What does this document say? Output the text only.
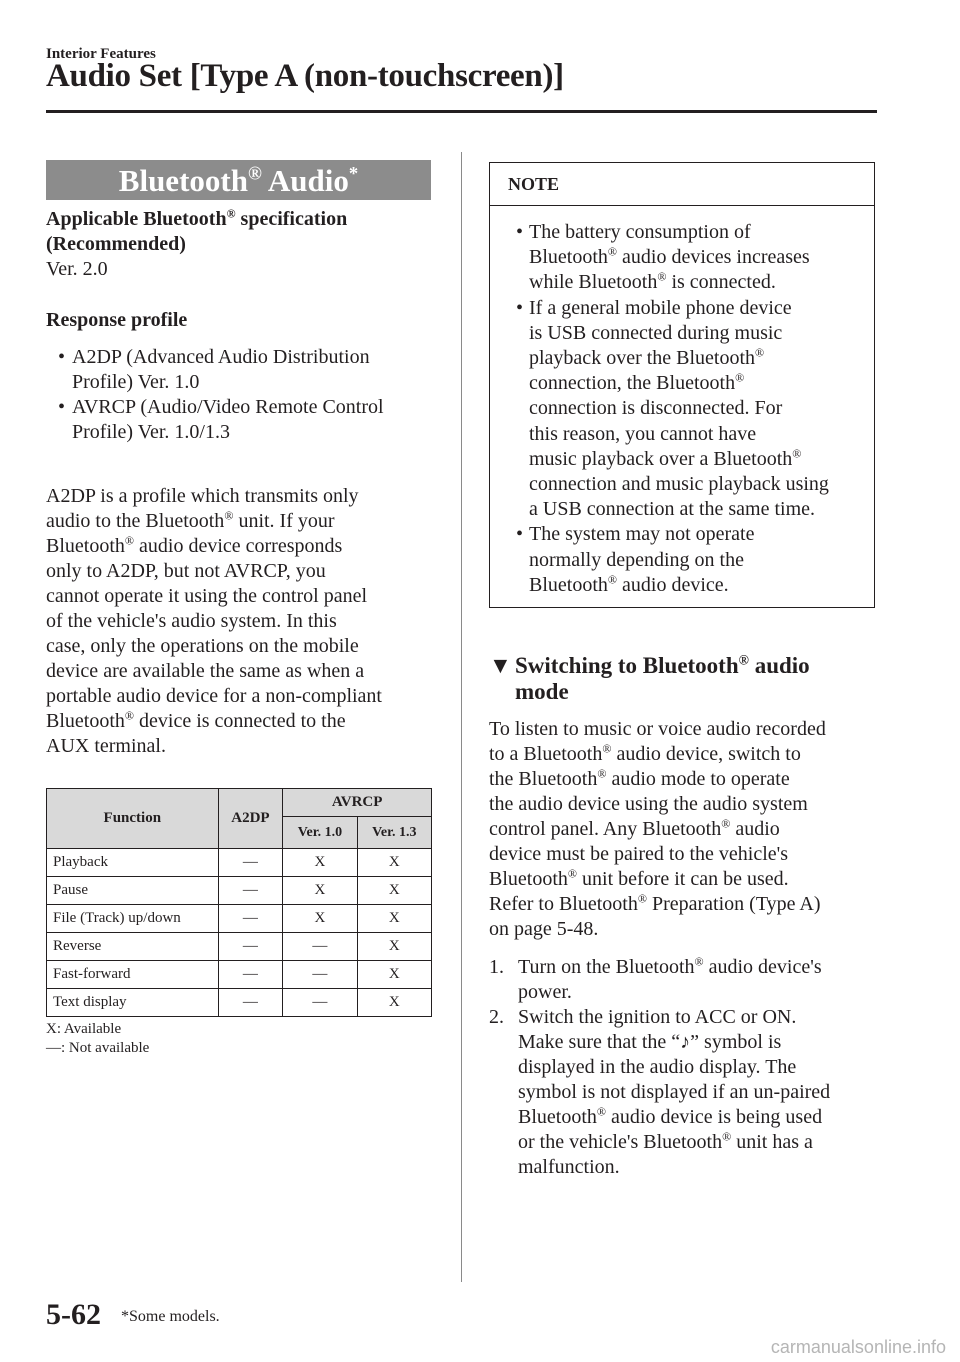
Interior Features
Audio Set [Type A (non-touchscreen)]
Bluetooth® Audio*
Applicable Bluetooth® specification
(Recommended)
Ver. 2.0
Response profile
• A2DP (Advanced Audio Distribution
Profile) Ver. 1.0
• AVRCP (Audio/Video Remote Control
Profile) Ver. 1.0/1.3
A2DP is a profile which transmits only
audio to the Bluetooth® unit. If your
Bluetooth® audio device corresponds
only to A2DP, but not AVRCP, you
cannot operate it using the control panel
of the vehicle's audio system. In this
case, only the operations on the mobile
device are available the same as when a
portable audio device for a non-compliant
Bluetooth® device is connected to the
AUX terminal.
Function	A2DP	AVRCP	
		Ver. 1.0	Ver. 1.3
Playback	—	X	X
Pause	—	X	X
File (Track) up/down	—	X	X
Reverse	—	—	X
Fast-forward	—	—	X
Text display	—	—	X
X: Available
—: Not available
NOTE
• The battery consumption of
Bluetooth® audio devices increases
while Bluetooth® is connected.
• If a general mobile phone device
is USB connected during music
playback over the Bluetooth®
connection, the Bluetooth®
connection is disconnected. For
this reason, you cannot have
music playback over a Bluetooth®
connection and music playback using
a USB connection at the same time.
• The system may not operate
normally depending on the
Bluetooth® audio device.
▼ Switching to Bluetooth® audio
mode
To listen to music or voice audio recorded
to a Bluetooth® audio device, switch to
the Bluetooth® audio mode to operate
the audio device using the audio system
control panel. Any Bluetooth® audio
device must be paired to the vehicle's
Bluetooth® unit before it can be used.
Refer to Bluetooth® Preparation (Type A)
on page 5-48.
1. Turn on the Bluetooth® audio device's
power.
2. Switch the ignition to ACC or ON.
Make sure that the “♪” symbol is
displayed in the audio display. The
symbol is not displayed if an un-paired
Bluetooth® audio device is being used
or the vehicle's Bluetooth® unit has a
malfunction.
5-62 *Some models.
carmanualsonline.info
